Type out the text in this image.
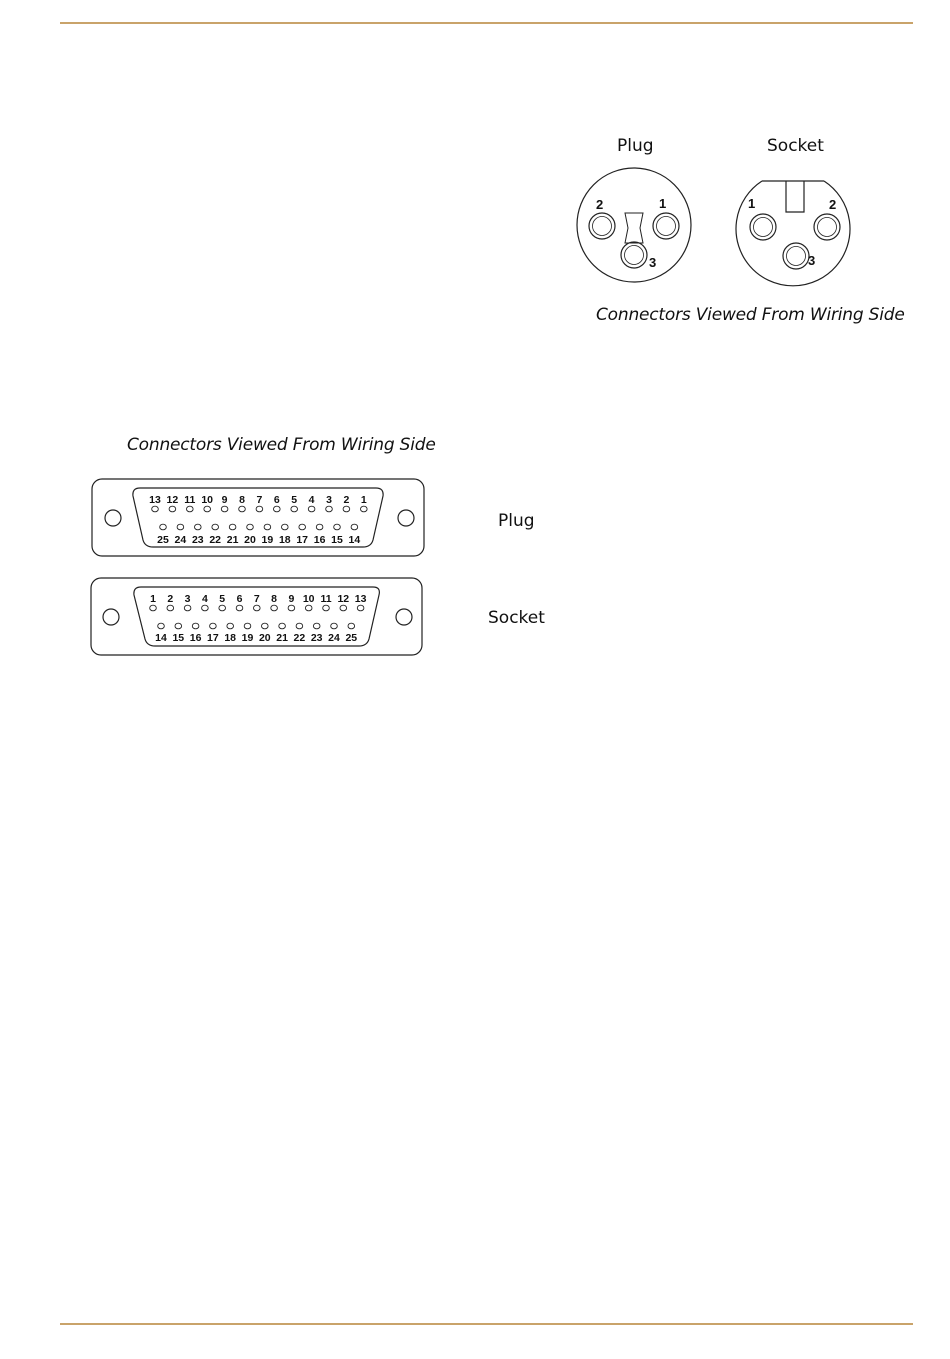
Plug	Socket
Connectors Viewed From Wiring Side
Connectors Viewed From Wiring Side
Plug
Socket
2	1
3
1	2
3
13 12 11 10 9 8 7 6 5 4 3 2 1
25 24 23 22 21 20 19 18 17 16 15 14
1 2 3 4 5 6 7 8 9 10 11 12 13
14 15 16 17 18 19 20 21 22 23 24 25
